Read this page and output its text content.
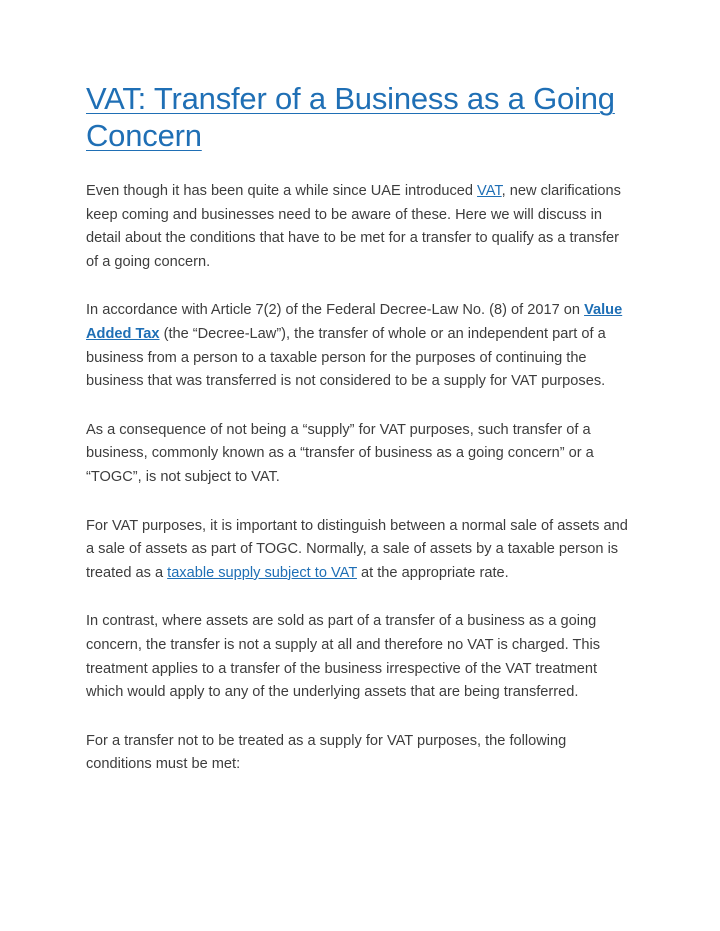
VAT: Transfer of a Business as a Going Concern

Even though it has been quite a while since UAE introduced VAT, new clarifications keep coming and businesses need to be aware of these. Here we will discuss in detail about the conditions that have to be met for a transfer to qualify as a transfer of a going concern.

In accordance with Article 7(2) of the Federal Decree-Law No. (8) of 2017 on Value Added Tax (the “Decree-Law”), the transfer of whole or an independent part of a business from a person to a taxable person for the purposes of continuing the business that was transferred is not considered to be a supply for VAT purposes.

As a consequence of not being a “supply” for VAT purposes, such transfer of a business, commonly known as a “transfer of business as a going concern” or a “TOGC”, is not subject to VAT.

For VAT purposes, it is important to distinguish between a normal sale of assets and a sale of assets as part of TOGC. Normally, a sale of assets by a taxable person is treated as a taxable supply subject to VAT at the appropriate rate.

In contrast, where assets are sold as part of a transfer of a business as a going concern, the transfer is not a supply at all and therefore no VAT is charged. This treatment applies to a transfer of the business irrespective of the VAT treatment which would apply to any of the underlying assets that are being transferred.

For a transfer not to be treated as a supply for VAT purposes, the following conditions must be met:
